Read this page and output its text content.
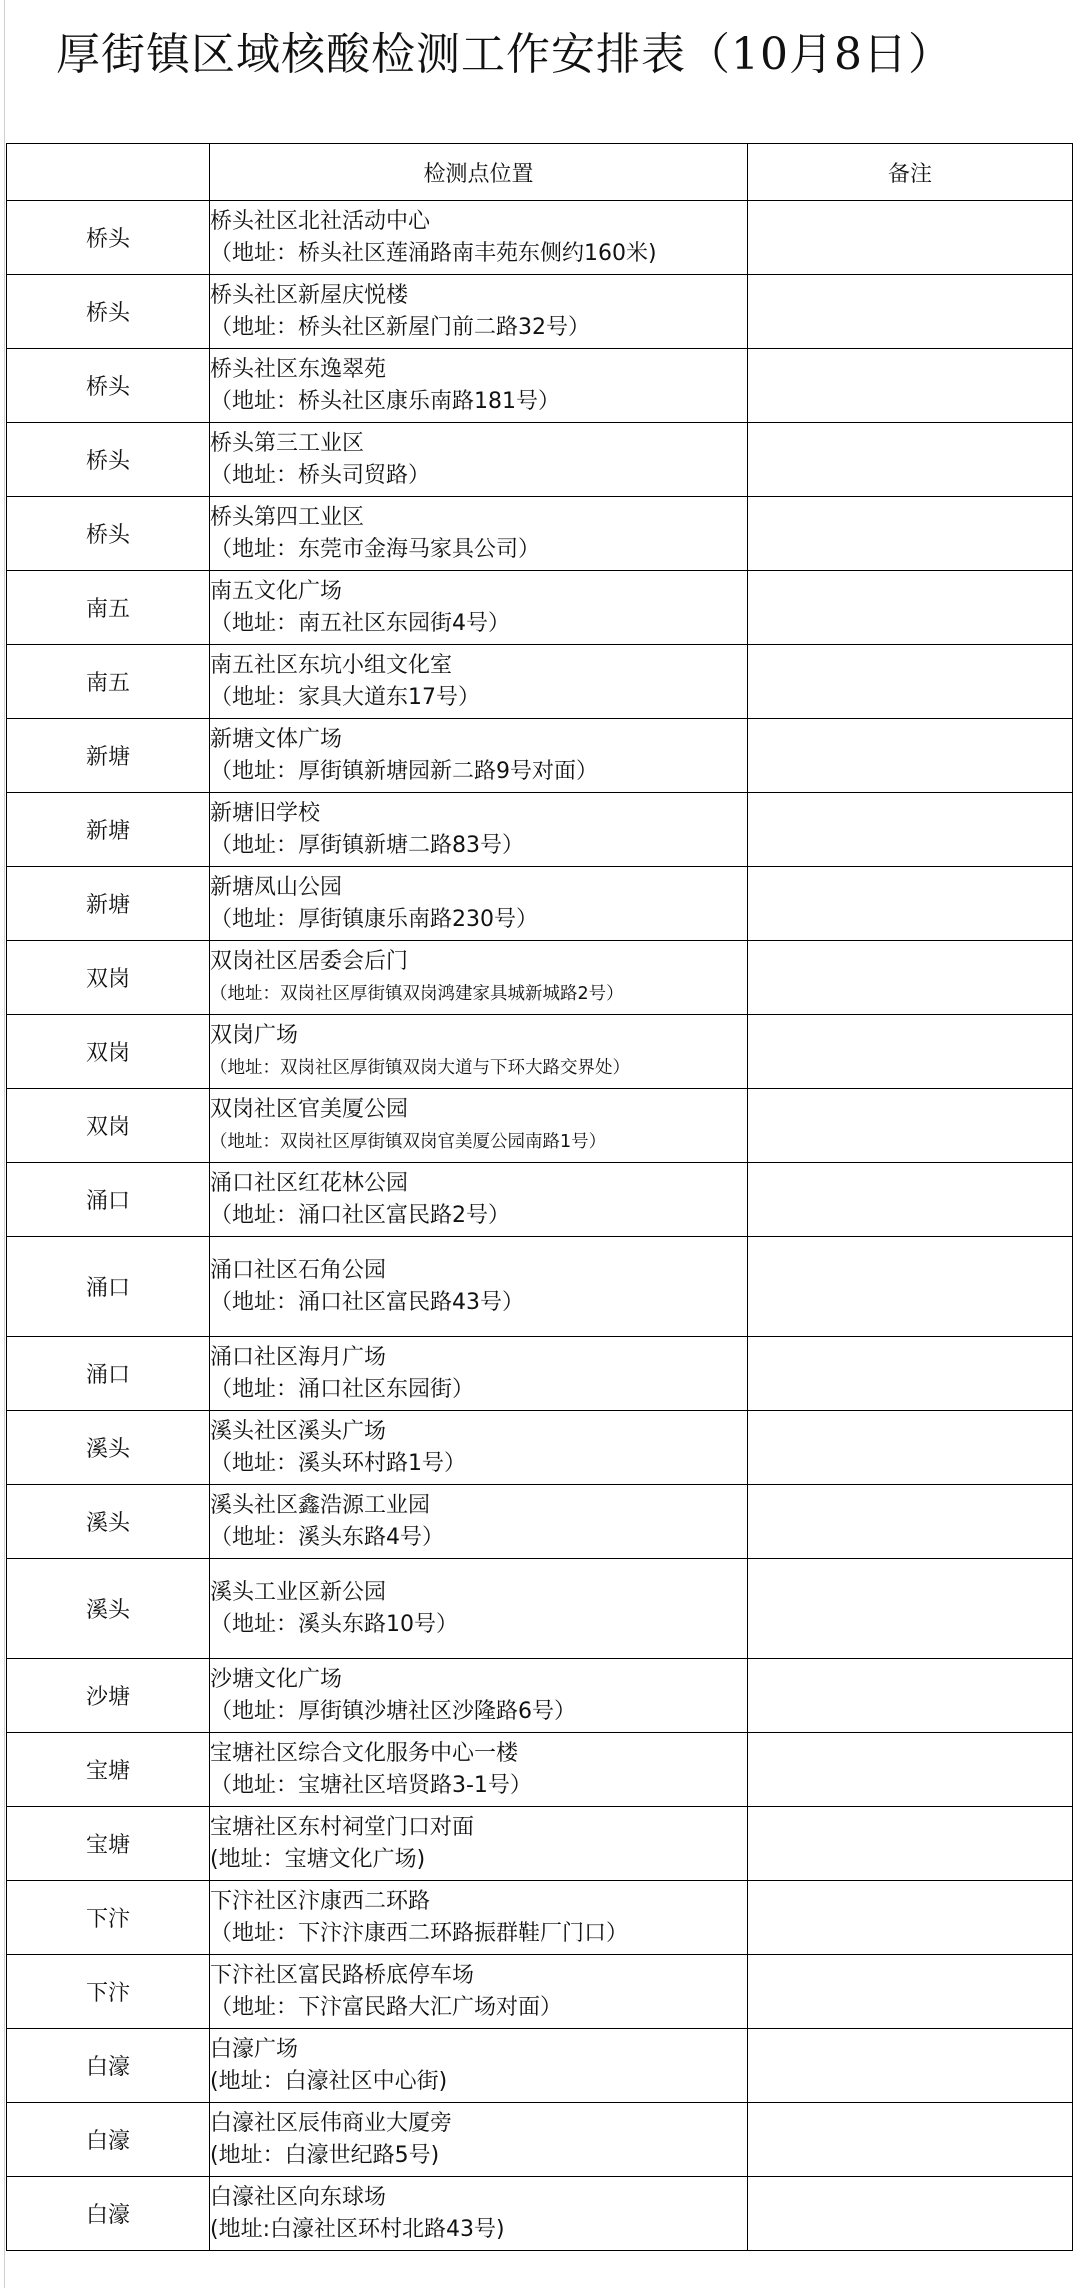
厚街镇区域核酸检测工作安排表（10月8日）
	检测点位置	备注
桥头	桥头社区北社活动中心
（地址：桥头社区莲涌路南丰苑东侧约160米)	

桥头	桥头社区新屋庆悦楼
（地址：桥头社区新屋门前二路32号）	

桥头	桥头社区东逸翠苑
（地址：桥头社区康乐南路181号）	

桥头	桥头第三工业区
（地址：桥头司贸路）	

桥头	桥头第四工业区
（地址：东莞市金海马家具公司）	

南五	南五文化广场
（地址：南五社区东园街4号）	

南五	南五社区东坑小组文化室
（地址：家具大道东17号）	

新塘	新塘文体广场
（地址：厚街镇新塘园新二路9号对面）	

新塘	新塘旧学校
（地址：厚街镇新塘二路83号）	

新塘	新塘凤山公园
（地址：厚街镇康乐南路230号）	

双岗	双岗社区居委会后门
（地址：双岗社区厚街镇双岗鸿建家具城新城路2号）	

双岗	双岗广场
（地址：双岗社区厚街镇双岗大道与下环大路交界处）	

双岗	双岗社区官美厦公园
（地址：双岗社区厚街镇双岗官美厦公园南路1号）	

涌口	涌口社区红花林公园
（地址：涌口社区富民路2号）	

涌口	涌口社区石角公园
（地址：涌口社区富民路43号）	

涌口	涌口社区海月广场
（地址：涌口社区东园街）	

溪头	溪头社区溪头广场
（地址：溪头环村路1号）	

溪头	溪头社区鑫浩源工业园
（地址：溪头东路4号）	

溪头	溪头工业区新公园
（地址：溪头东路10号）	

沙塘	沙塘文化广场
（地址：厚街镇沙塘社区沙隆路6号）	

宝塘	宝塘社区综合文化服务中心一楼
（地址：宝塘社区培贤路3-1号）	

宝塘	宝塘社区东村祠堂门口对面
(地址：宝塘文化广场)	

下汴	下汴社区汴康西二环路
（地址：下汴汴康西二环路振群鞋厂门口）	

下汴	下汴社区富民路桥底停车场
（地址：下汴富民路大汇广场对面）	

白濠	白濠广场
(地址：白濠社区中心街)	

白濠	白濠社区辰伟商业大厦旁
(地址：白濠世纪路5号)	

白濠	白濠社区向东球场
(地址:白濠社区环村北路43号)	
